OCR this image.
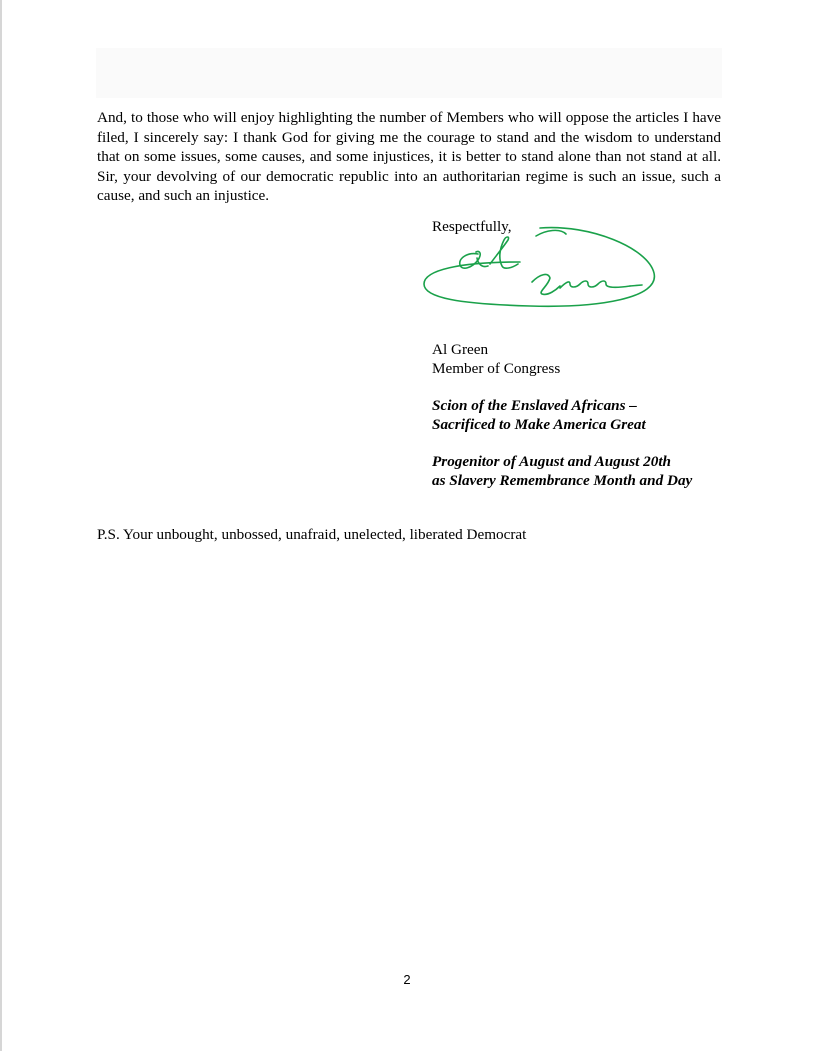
And, to those who will enjoy highlighting the number of Members who will oppose the articles I have filed, I sincerely say: I thank God for giving me the courage to stand and the wisdom to understand that on some issues, some causes, and some injustices, it is better to stand alone than not stand at all. Sir, your devolving of our democratic republic into an authoritarian regime is such an issue, such a cause, and such an injustice.

Respectfully,

Al Green
Member of Congress
Scion of the Enslaved Africans –
Sacrificed to Make America Great
Progenitor of August and August 20th
as Slavery Remembrance Month and Day

P.S. Your unbought, unbossed, unafraid, unelected, liberated Democrat

2
